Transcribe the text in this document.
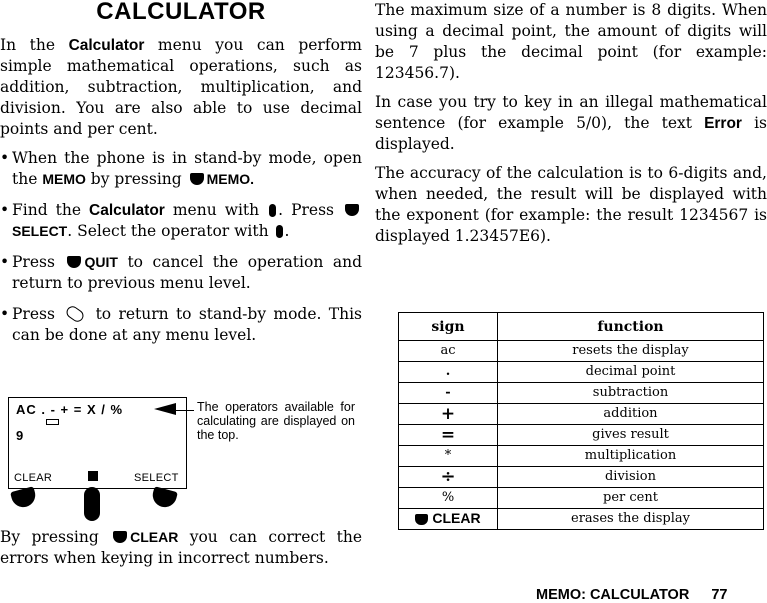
CALCULATOR

In the Calculator menu you can perform simple mathematical operations, such as addition, subtraction, multiplication, and division. You are also able to use decimal points and per cent.

• When the phone is in stand-by mode, open the MEMO by pressing MEMO.
• Find the Calculator menu with . Press SELECT. Select the operator with .
• Press QUIT to cancel the operation and return to previous menu level.
• Press  to return to stand-by mode. This can be done at any menu level.
AC . - + = X / %
9
CLEAR	SELECT
The operators available for calculating are displayed on the top.
By pressing CLEAR you can correct the errors when keying in incorrect numbers.

The maximum size of a number is 8 digits. When using a decimal point, the amount of digits will be 7 plus the decimal point (for example: 123456.7).

In case you try to key in an illegal mathematical sentence (for example 5/0), the text Error is displayed.

The accuracy of the calculation is to 6-digits and, when needed, the result will be displayed with the exponent (for example: the result 1234567 is displayed 1.23457E6).

sign	function
ac	resets the display
.	decimal point
-	subtraction
+	addition
=	gives result
*	multiplication
÷	division
%	per cent
CLEAR	erases the display
MEMO: CALCULATOR 77
